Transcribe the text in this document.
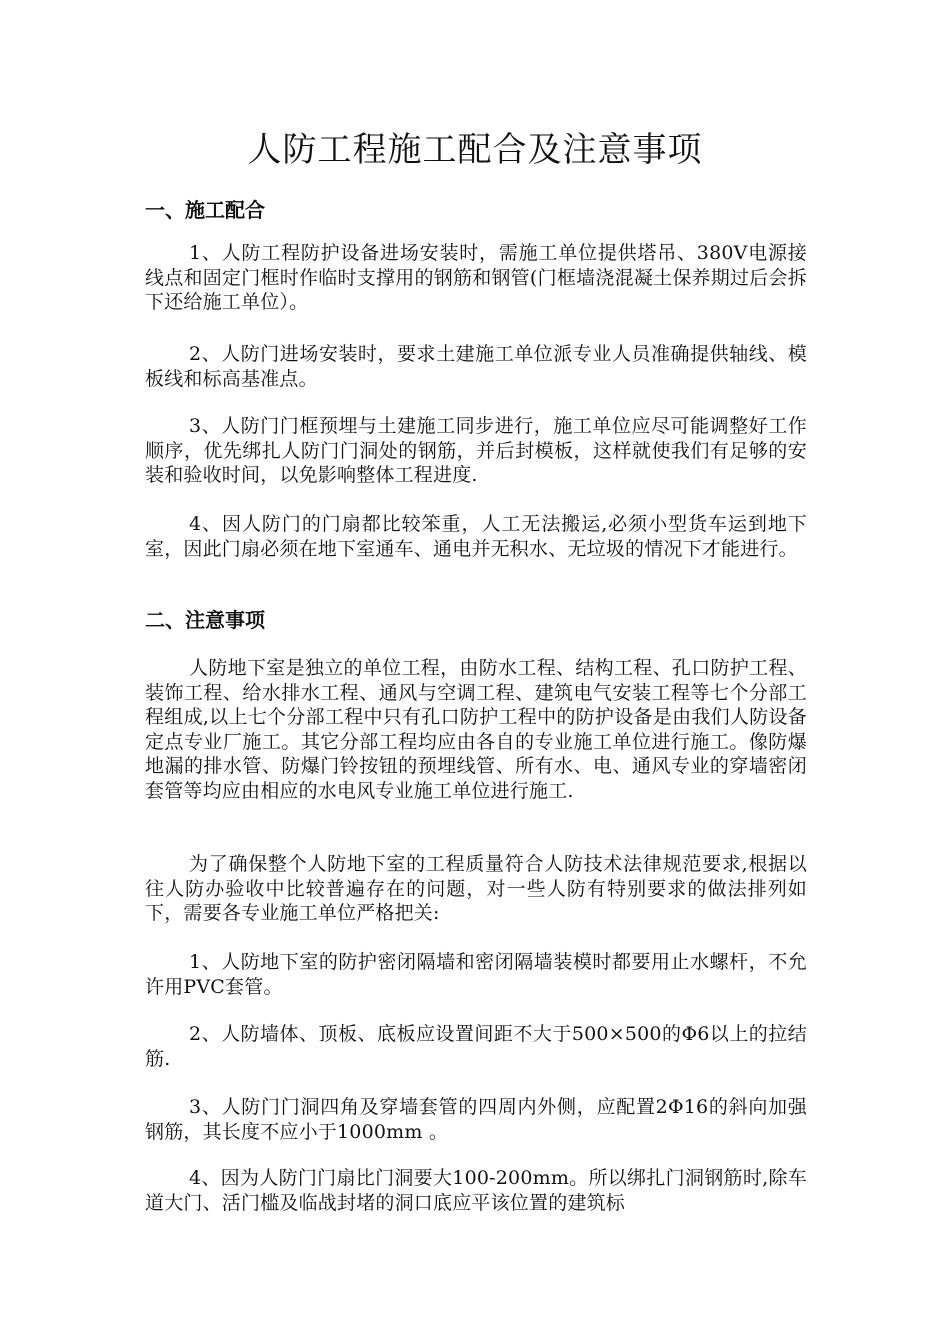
人防工程施工配合及注意事项
一、施工配合

1、人防工程防护设备进场安装时，需施工单位提供塔吊、380V电源接线点和固定门框时作临时支撑用的钢筋和钢管(门框墙浇混凝土保养期过后会拆下还给施工单位）。

2、人防门进场安装时，要求土建施工单位派专业人员准确提供轴线、模板线和标高基准点。

3、人防门门框预埋与土建施工同步进行，施工单位应尽可能调整好工作顺序，优先绑扎人防门门洞处的钢筋，并后封模板，这样就使我们有足够的安装和验收时间，以免影响整体工程进度.

4、因人防门的门扇都比较笨重，人工无法搬运,必须小型货车运到地下室，因此门扇必须在地下室通车、通电并无积水、无垃圾的情况下才能进行。

二、注意事项

人防地下室是独立的单位工程，由防水工程、结构工程、孔口防护工程、装饰工程、给水排水工程、通风与空调工程、建筑电气安装工程等七个分部工程组成,以上七个分部工程中只有孔口防护工程中的防护设备是由我们人防设备定点专业厂施工。其它分部工程均应由各自的专业施工单位进行施工。像防爆地漏的排水管、防爆门铃按钮的预埋线管、所有水、电、通风专业的穿墙密闭套管等均应由相应的水电风专业施工单位进行施工.

为了确保整个人防地下室的工程质量符合人防技术法律规范要求,根据以往人防办验收中比较普遍存在的问题，对一些人防有特别要求的做法排列如下，需要各专业施工单位严格把关:

1、人防地下室的防护密闭隔墙和密闭隔墙装模时都要用止水螺杆，不允许用PVC套管。

2、人防墙体、顶板、底板应设置间距不大于500×500的Φ6以上的拉结筋.

3、人防门门洞四角及穿墙套管的四周内外侧，应配置2Φ16的斜向加强钢筋，其长度不应小于1000mm 。

4、因为人防门门扇比门洞要大100-200mm。所以绑扎门洞钢筋时,除车道大门、活门槛及临战封堵的洞口底应平该位置的建筑标
